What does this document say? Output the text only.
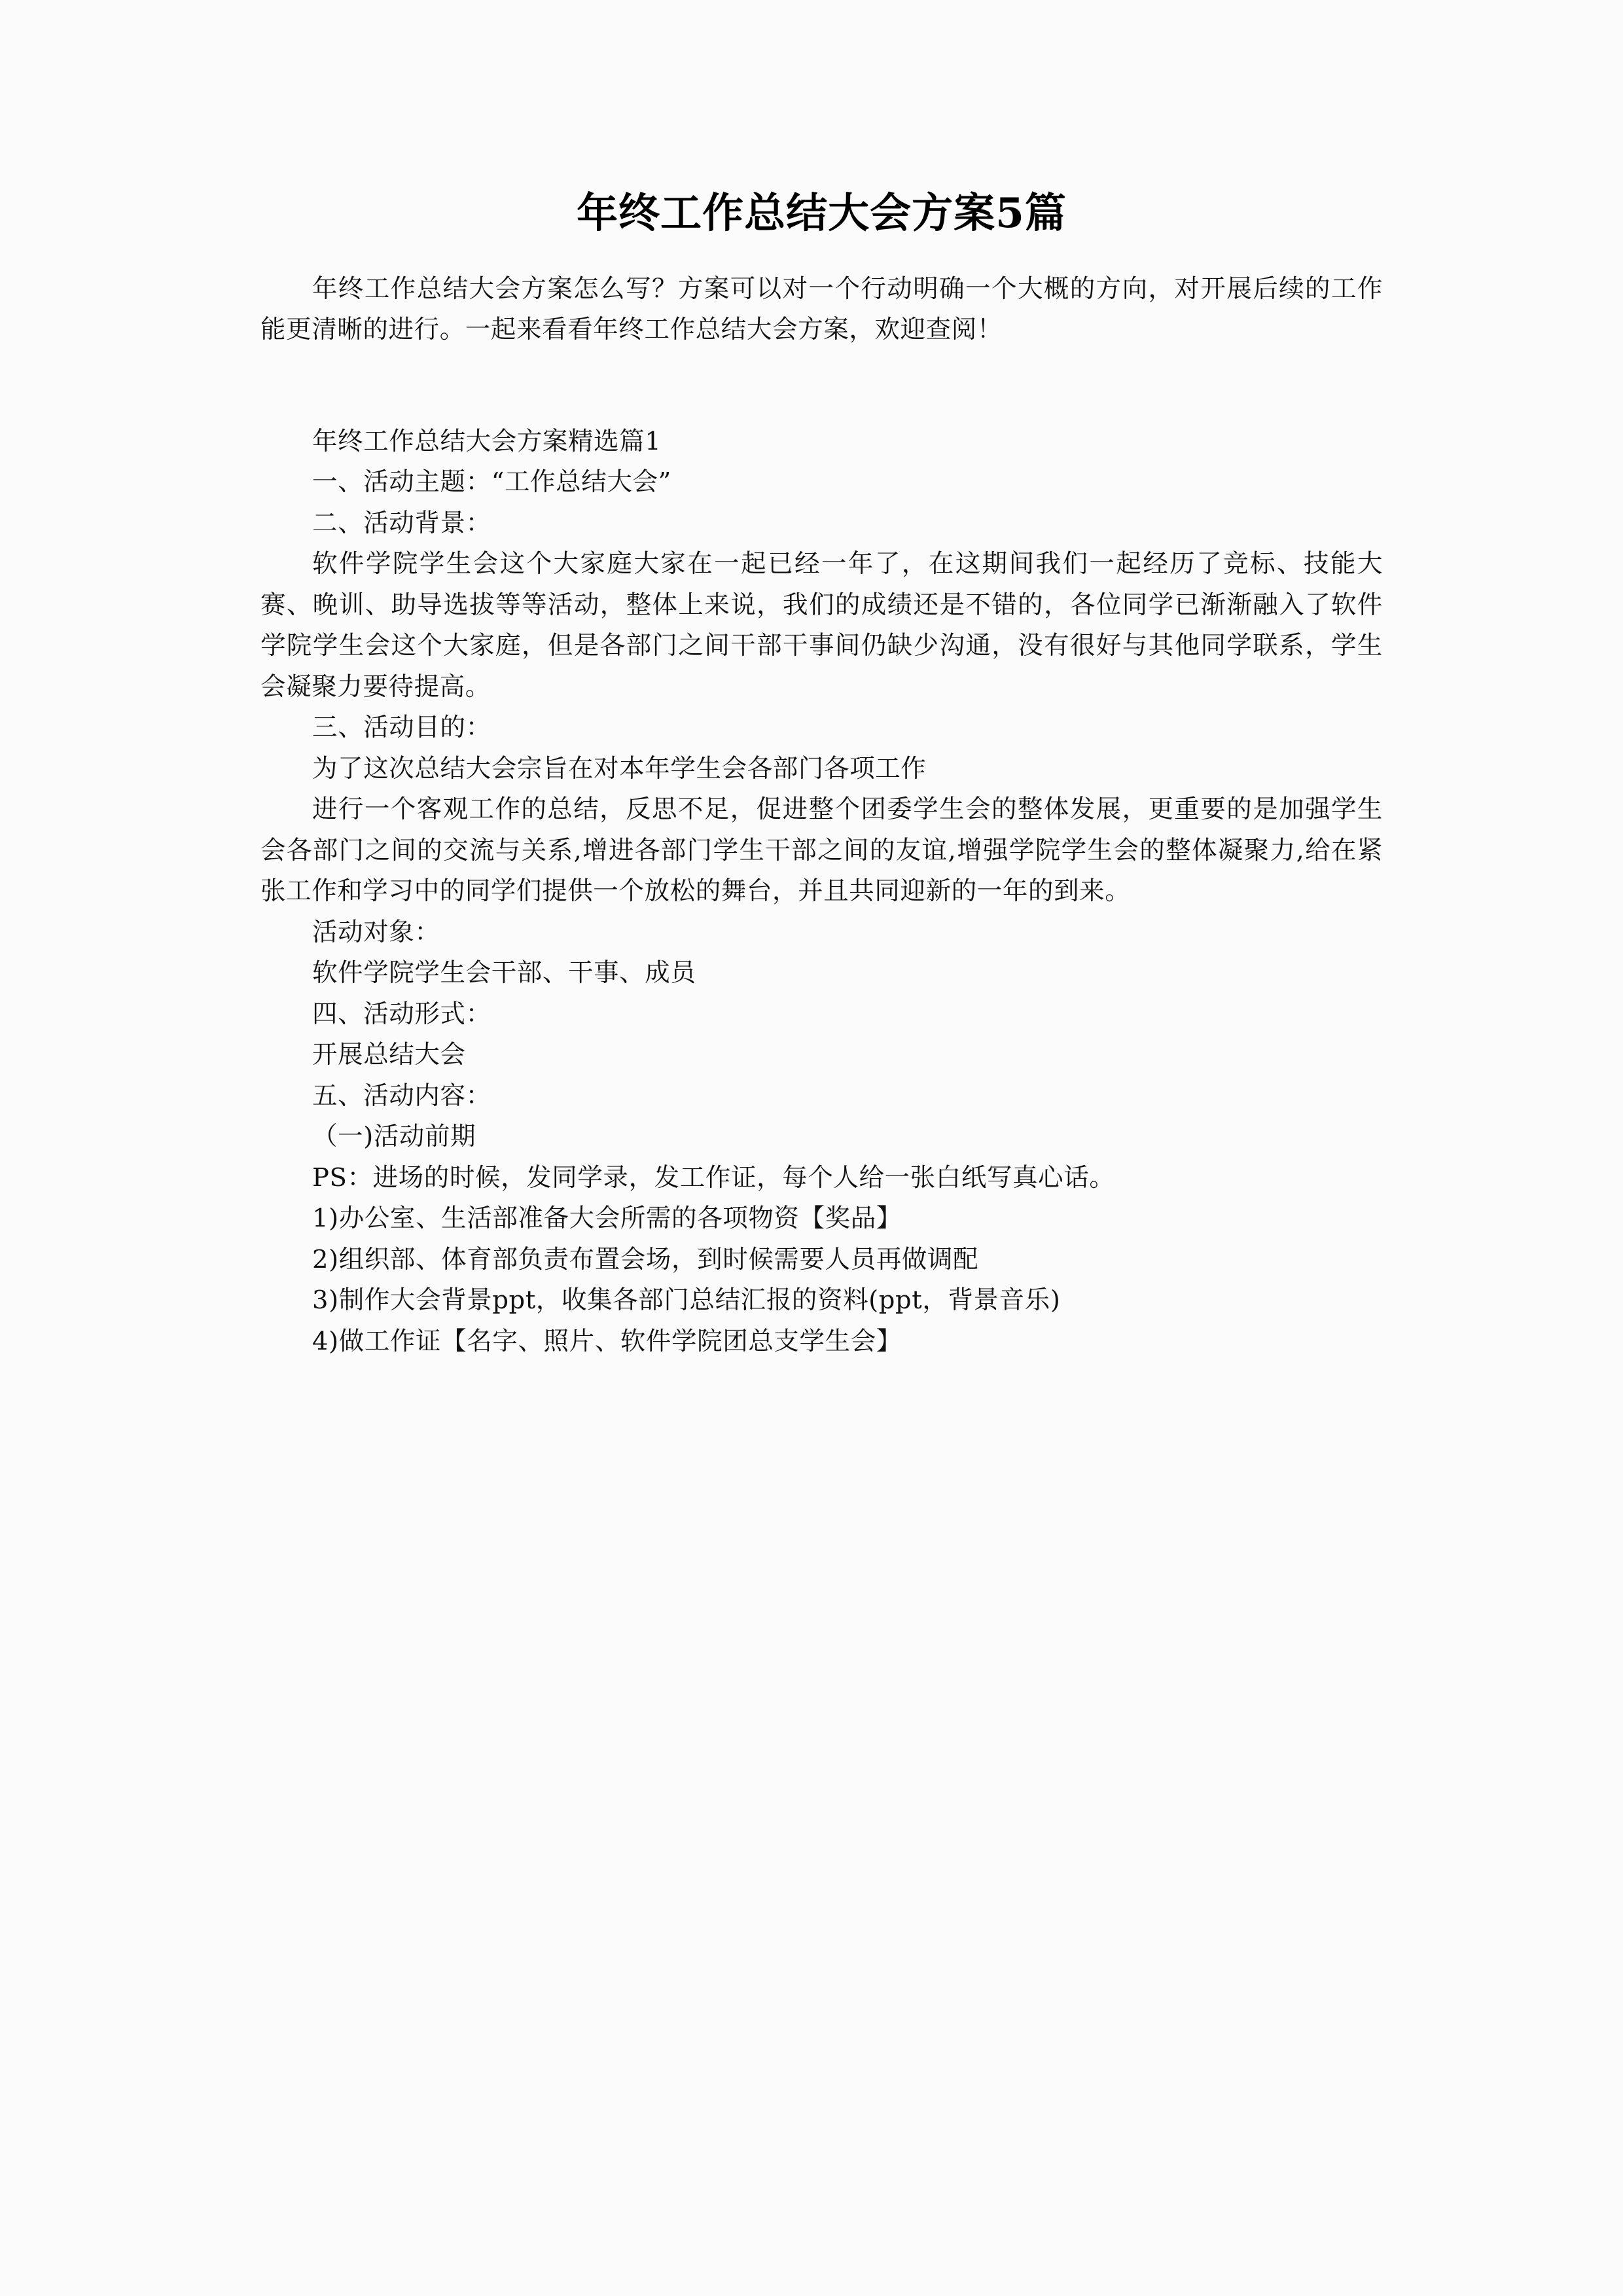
年终工作总结大会方案5篇

年终工作总结大会方案怎么写？方案可以对一个行动明确一个大概的方向，对开展后续的工作能更清晰的进行。一起来看看年终工作总结大会方案，欢迎查阅！

年终工作总结大会方案精选篇1

一、活动主题：“工作总结大会”

二、活动背景：

软件学院学生会这个大家庭大家在一起已经一年了，在这期间我们一起经历了竞标、技能大赛、晚训、助导选拔等等活动，整体上来说，我们的成绩还是不错的，各位同学已渐渐融入了软件学院学生会这个大家庭，但是各部门之间干部干事间仍缺少沟通，没有很好与其他同学联系，学生会凝聚力要待提高。

三、活动目的：

为了这次总结大会宗旨在对本年学生会各部门各项工作

进行一个客观工作的总结，反思不足，促进整个团委学生会的整体发展，更重要的是加强学生会各部门之间的交流与关系,增进各部门学生干部之间的友谊,增强学院学生会的整体凝聚力,给在紧张工作和学习中的同学们提供一个放松的舞台，并且共同迎新的一年的到来。

活动对象：

软件学院学生会干部、干事、成员

四、活动形式：

开展总结大会

五、活动内容：

（一)活动前期

PS：进场的时候，发同学录，发工作证，每个人给一张白纸写真心话。

1)办公室、生活部准备大会所需的各项物资【奖品】

2)组织部、体育部负责布置会场，到时候需要人员再做调配

3)制作大会背景ppt，收集各部门总结汇报的资料(ppt，背景音乐)

4)做工作证【名字、照片、软件学院团总支学生会】
